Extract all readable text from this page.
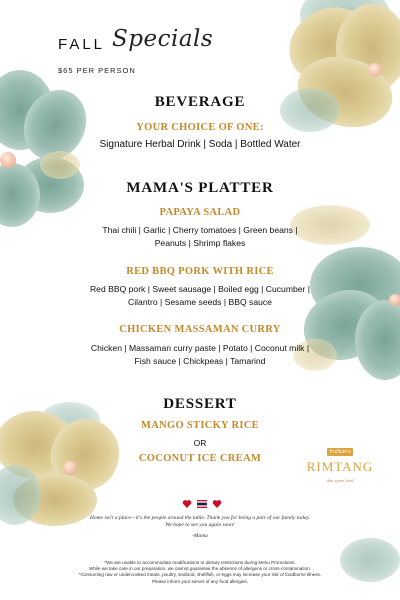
FALL Specials
$65 PER PERSON
BEVERAGE
YOUR CHOICE OF ONE:
Signature Herbal Drink | Soda | Bottled Water
MAMA'S PLATTER
PAPAYA SALAD
Thai chili | Garlic | Cherry tomatoes | Green beans |
Peanuts | Shrimp flakes
RED BBQ PORK WITH RICE
Red BBQ pork | Sweet sausage | Boiled egg | Cucumber |
Cilantro | Sesame seeds | BBQ sauce
CHICKEN MASSAMAN CURRY
Chicken | Massaman curry paste | Potato | Coconut milk |
Fish sauce | Chickpeas | Tamarind
DESSERT
MANGO STICKY RICE
OR
COCONUT ICE CREAM
ร้านริมทาง
RIMTANG
thai street food
Home isn't a place—it's the people around the table. Thank you for being a part of our family today.
We hope to see you again soon!
-Mama
*We are unable to accommodate modifications or dietary restrictions during Menu Promotions.
While we take care in our preparation, we cannot guarantee the absence of allergens or cross-contamination.
*Consuming raw or undercooked meats, poultry, seafood, shellfish, or eggs may increase your risk of foodborne illness.
Please inform your server of any food allergies.
